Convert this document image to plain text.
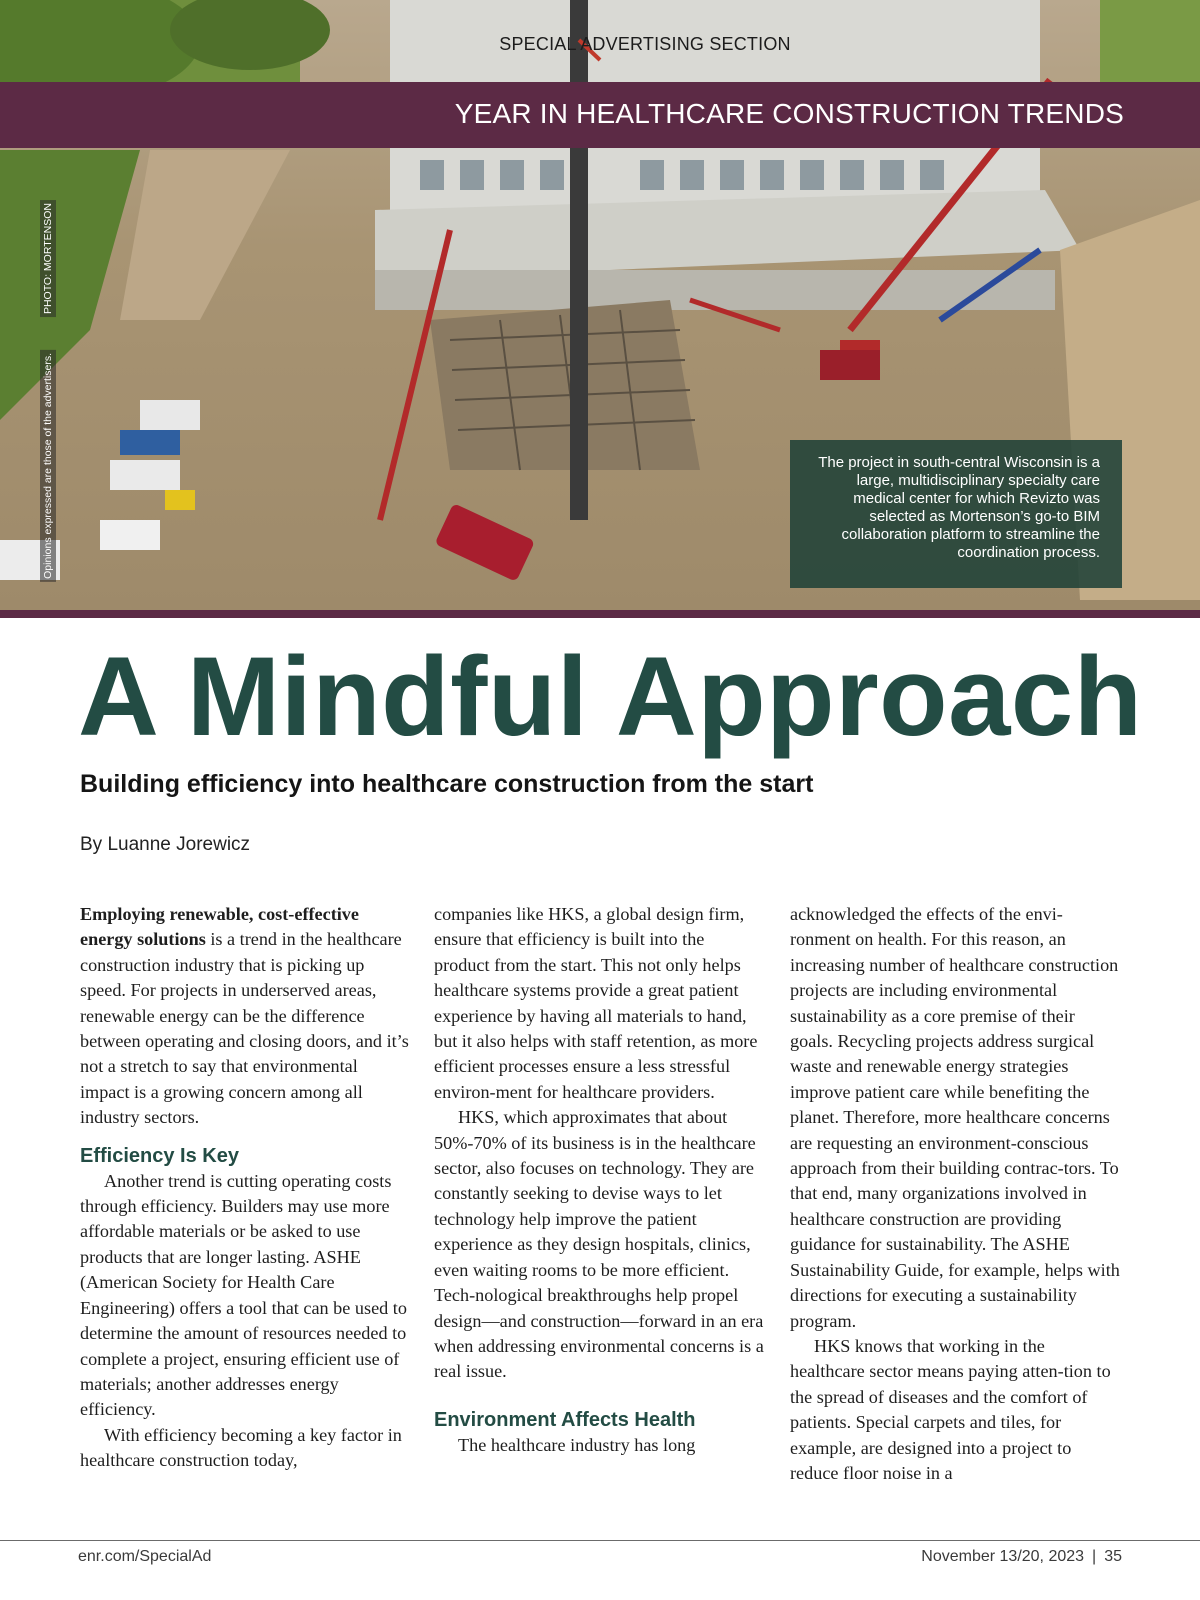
SPECIAL ADVERTISING SECTION
YEAR IN HEALTHCARE CONSTRUCTION TRENDS
PHOTO: MORTENSON
Opinions expressed are those of the advertisers.	The project in south-central Wisconsin is a large, multidisciplinary specialty care medical center for which Revizto was selected as Mortenson’s go-to BIM collaboration platform to streamline the coordination process.
A Mindful Approach
Building efficiency into healthcare construction from the start
By Luanne Jorewicz

Employing renewable, cost-effective energy solutions is a trend in the healthcare construction industry that is picking up speed. For projects in underserved areas, renewable energy can be the difference between operating and closing doors, and it’s not a stretch to say that environmental impact is a growing concern among all industry sectors.

Efficiency Is Key

Another trend is cutting operating costs through efficiency. Builders may use more affordable materials or be asked to use products that are longer lasting. ASHE (American Society for Health Care Engineering) offers a tool that can be used to determine the amount of resources needed to complete a project, ensuring efficient use of materials; another addresses energy efficiency.

With efficiency becoming a key factor in healthcare construction today,

companies like HKS, a global design firm, ensure that efficiency is built into the product from the start. This not only helps healthcare systems provide a great patient experience by having all materials to hand, but it also helps with staff retention, as more efficient processes ensure a less stressful environ-ment for healthcare providers.

HKS, which approximates that about 50%-70% of its business is in the healthcare sector, also focuses on technology. They are constantly seeking to devise ways to let technology help improve the patient experience as they design hospitals, clinics, even waiting rooms to be more efficient. Tech-nological breakthroughs help propel design—and construction—forward in an era when addressing environmental concerns is a real issue.

Environment Affects Health

The healthcare industry has long

acknowledged the effects of the envi-ronment on health. For this reason, an increasing number of healthcare construction projects are including environmental sustainability as a core premise of their goals. Recycling projects address surgical waste and renewable energy strategies improve patient care while benefiting the planet. Therefore, more healthcare concerns are requesting an environment-conscious approach from their building contrac-tors. To that end, many organizations involved in healthcare construction are providing guidance for sustainability. The ASHE Sustainability Guide, for example, helps with directions for executing a sustainability program.

HKS knows that working in the healthcare sector means paying atten-tion to the spread of diseases and the comfort of patients. Special carpets and tiles, for example, are designed into a project to reduce floor noise in a

enr.com/SpecialAd	November 13/20, 2023 | 35
